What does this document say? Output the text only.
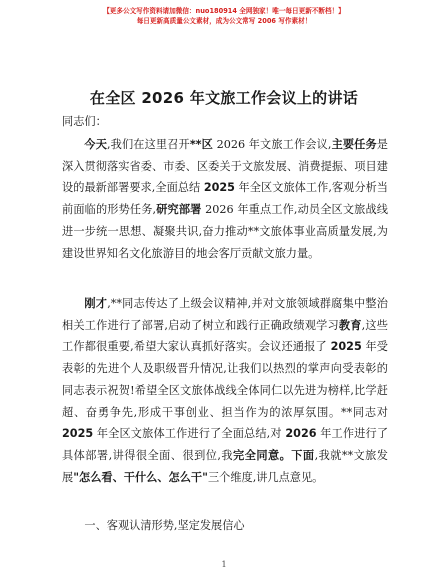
【更多公文写作资料请加微信：nuo180914 全网独家！唯一每日更新不断档！】
每日更新高质量公文素材，成为公文常写 2006 写作素材！
在全区 2026 年文旅工作会议上的讲话
同志们：

今天,我们在这里召开**区 2026 年文旅工作会议,主要任务是深入贯彻落实省委、市委、区委关于文旅发展、消费提振、项目建设的最新部署要求,全面总结 2025 年全区文旅体工作,客观分析当前面临的形势任务,研究部署 2026 年重点工作,动员全区文旅战线进一步统一思想、凝聚共识,奋力推动**文旅体事业高质量发展,为建设世界知名文化旅游目的地会客厅贡献文旅力量。

刚才,**同志传达了上级会议精神,并对文旅领域群腐集中整治相关工作进行了部署,启动了树立和践行正确政绩观学习教育,这些工作都很重要,希望大家认真抓好落实。会议还通报了 2025 年受表彰的先进个人及职级晋升情况,让我们以热烈的掌声向受表彰的同志表示祝贺!希望全区文旅体战线全体同仁以先进为榜样,比学赶超、奋勇争先,形成干事创业、担当作为的浓厚氛围。**同志对 2025 年全区文旅体工作进行了全面总结,对 2026 年工作进行了具体部署,讲得很全面、很到位,我完全同意。下面,我就**文旅发展"怎么看、干什么、怎么干"三个维度,讲几点意见。

一、客观认清形势,坚定发展信心
1
